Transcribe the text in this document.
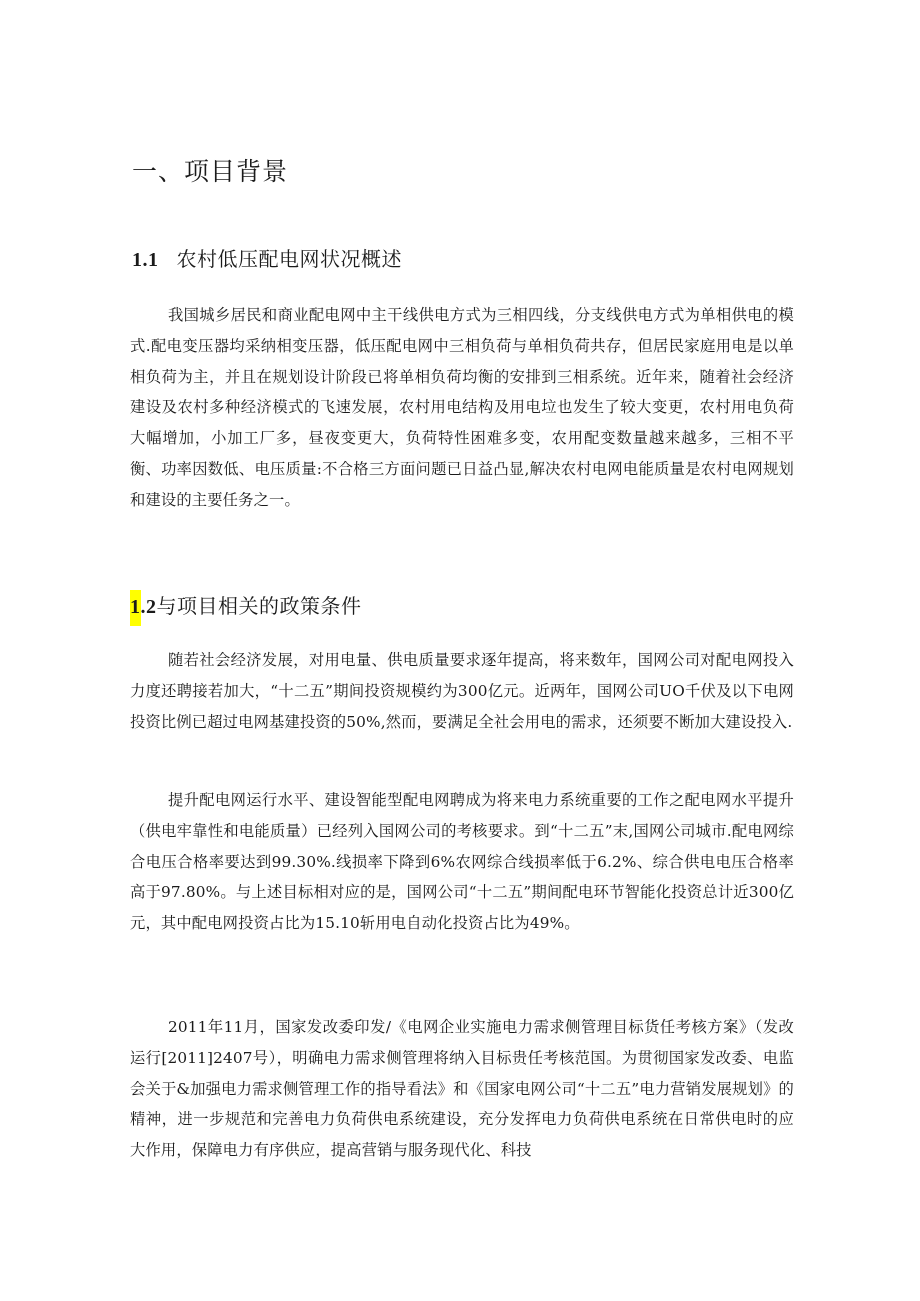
一、项目背景
1.1 农村低压配电网状况概述

我国城乡居民和商业配电网中主干线供电方式为三相四线，分支线供电方式为单相供电的模式.配电变压器均采纳相变压器，低压配电网中三相负荷与单相负荷共存，但居民家庭用电是以单相负荷为主，并且在规划设计阶段已将单相负荷均衡的安排到三相系统。近年来，随着社会经济建设及农村多种经济模式的飞速发展，农村用电结构及用电垃也发生了较大变更，农村用电负荷大幅增加，小加工厂多，昼夜变更大，负荷特性困难多变，农用配变数量越来越多，三相不平衡、功率因数低、电压质量:不合格三方面问题已日益凸显,解决农村电网电能质量是农村电网规划和建设的主要任务之一。

1.2与项目相关的政策条件

随若社会经济发展，对用电量、供电质量要求逐年提高，将来数年，国网公司对配电网投入力度还聘接若加大，“十二五”期间投资规模约为300亿元。近两年，国网公司UO千伏及以下电网投资比例已超过电网基建投资的50%,然而，要满足全社会用电的需求，还须要不断加大建设投入.

提升配电网运行水平、建设智能型配电网聘成为将来电力系统重要的工作之配电网水平提升（供电牢靠性和电能质量）已经列入国网公司的考核要求。到“十二五”末,国网公司城市.配电网综合电压合格率要达到99.30%.线损率下降到6%农网综合线损率低于6.2%、综合供电电压合格率高于97.80%。与上述目标相对应的是，国网公司“十二五”期间配电环节智能化投资总计近300亿元，其中配电网投资占比为15.10斩用电自动化投资占比为49%。

2011年11月，国家发改委印发/《电网企业实施电力需求侧管理目标货任考核方案》（发改运行[2011]2407号），明确电力需求侧管理将纳入目标贵任考核范国。为贯彻国家发改委、电监会关于&加强电力需求侧管理工作的指导看法》和《国家电网公司“十二五”电力营销发展规划》的精神，进一步规范和完善电力负荷供电系统建设，充分发挥电力负荷供电系统在日常供电时的应大作用，保障电力有序供应，提高营销与服务现代化、科技
